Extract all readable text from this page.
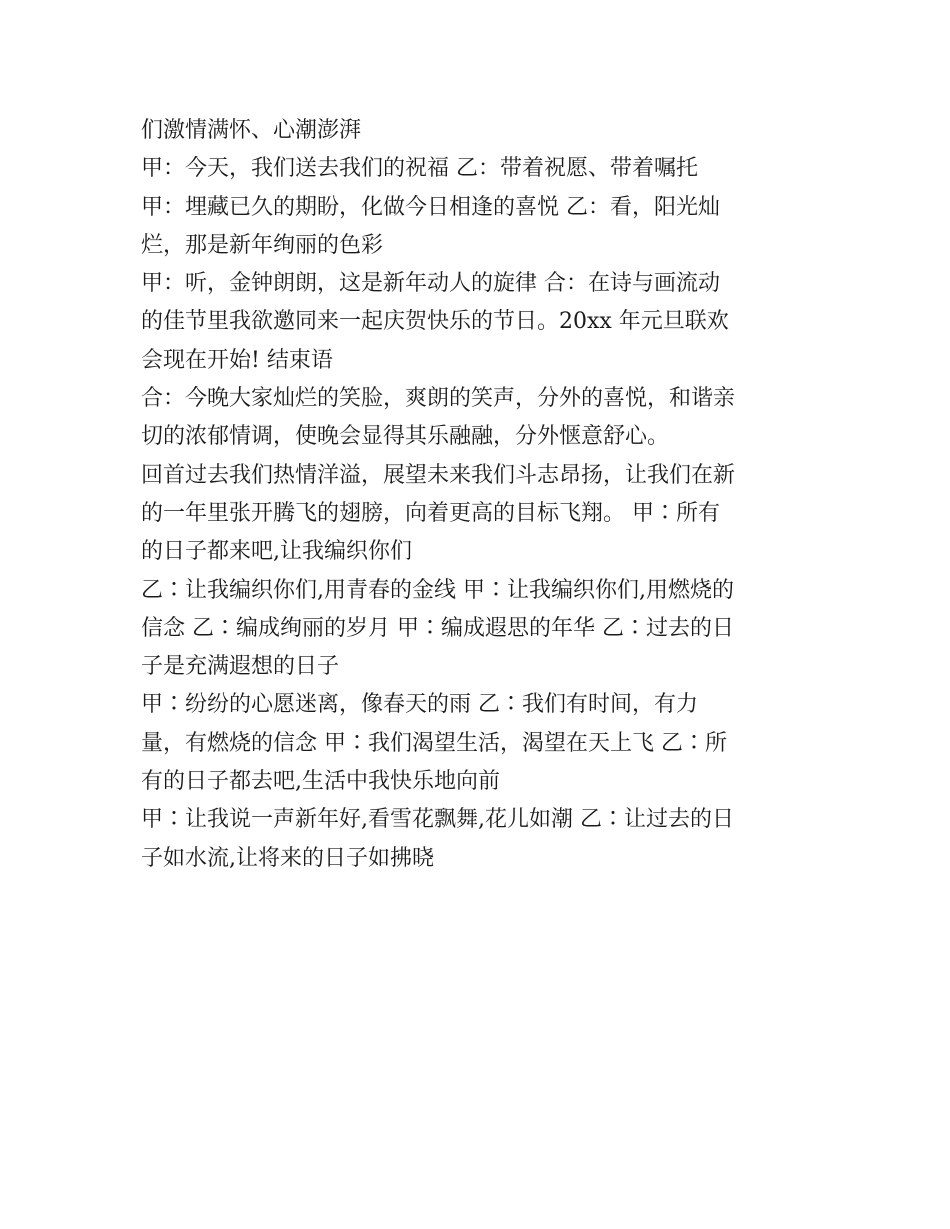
们激情满怀、心潮澎湃
甲：今天，我们送去我们的祝福 乙：带着祝愿、带着嘱托
甲：埋藏已久的期盼，化做今日相逢的喜悦 乙：看，阳光灿
烂，那是新年绚丽的色彩
甲：听，金钟朗朗，这是新年动人的旋律 合：在诗与画流动
的佳节里我欲邀同来一起庆贺快乐的节日。20xx 年元旦联欢
会现在开始! 结束语
合：今晚大家灿烂的笑脸，爽朗的笑声，分外的喜悦，和谐亲
切的浓郁情调，使晚会显得其乐融融，分外惬意舒心。
回首过去我们热情洋溢，展望未来我们斗志昂扬，让我们在新
的一年里张开腾飞的翅膀，向着更高的目标飞翔。 甲∶所有
的日子都来吧,让我编织你们
乙∶让我编织你们,用青春的金线 甲∶让我编织你们,用燃烧的
信念 乙∶编成绚丽的岁月 甲∶编成遐思的年华 乙∶过去的日
子是充满遐想的日子
甲∶纷纷的心愿迷离，像春天的雨 乙∶我们有时间，有力
量，有燃烧的信念 甲∶我们渴望生活，渴望在天上飞 乙∶所
有的日子都去吧,生活中我快乐地向前
甲∶让我说一声新年好,看雪花飘舞,花儿如潮 乙∶让过去的日
子如水流,让将来的日子如拂晓
